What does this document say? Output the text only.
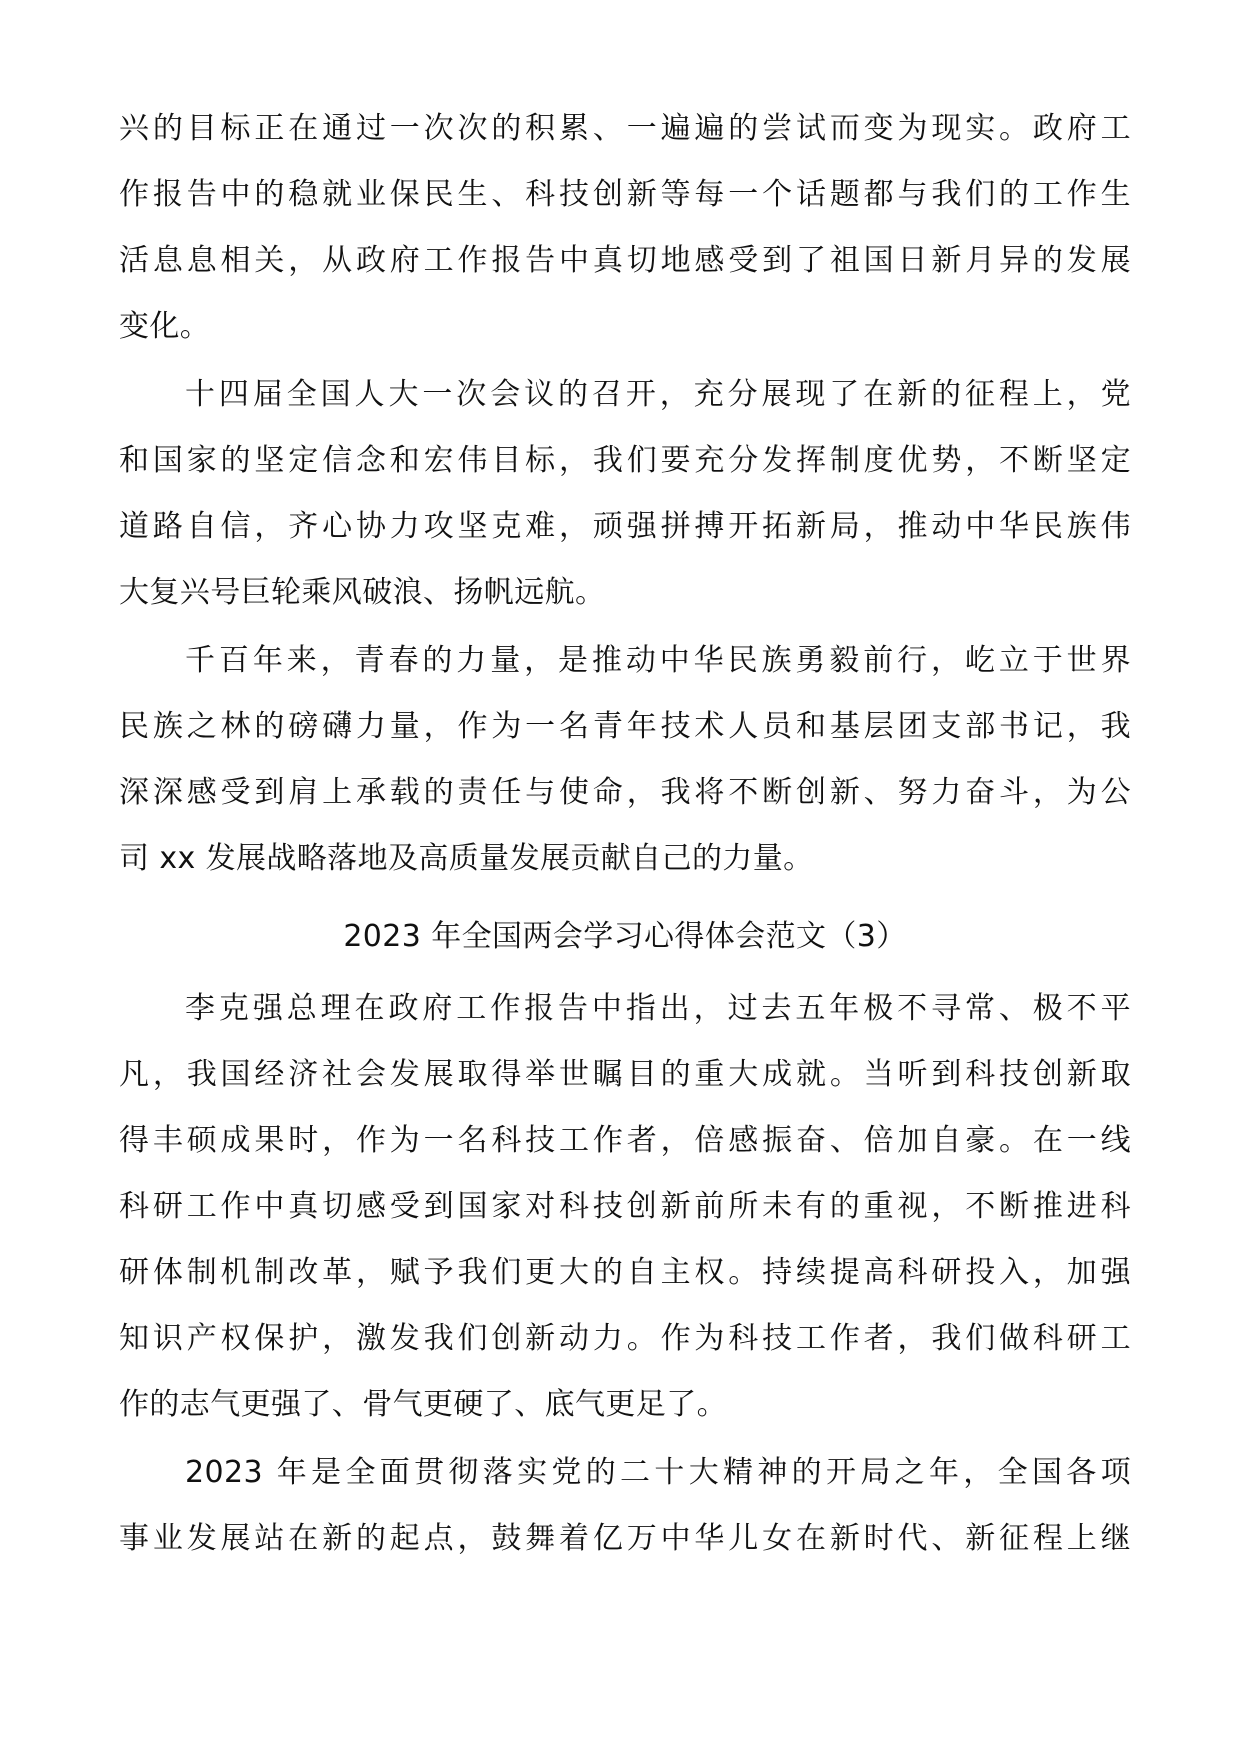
兴的目标正在通过一次次的积累、一遍遍的尝试而变为现实。政府工
作报告中的稳就业保民生、科技创新等每一个话题都与我们的工作生
活息息相关，从政府工作报告中真切地感受到了祖国日新月异的发展
变化。
十四届全国人大一次会议的召开，充分展现了在新的征程上，党
和国家的坚定信念和宏伟目标，我们要充分发挥制度优势，不断坚定
道路自信，齐心协力攻坚克难，顽强拼搏开拓新局，推动中华民族伟
大复兴号巨轮乘风破浪、扬帆远航。
千百年来，青春的力量，是推动中华民族勇毅前行，屹立于世界
民族之林的磅礴力量，作为一名青年技术人员和基层团支部书记，我
深深感受到肩上承载的责任与使命，我将不断创新、努力奋斗，为公
司 xx 发展战略落地及高质量发展贡献自己的力量。
2023 年全国两会学习心得体会范文（3）
李克强总理在政府工作报告中指出，过去五年极不寻常、极不平
凡，我国经济社会发展取得举世瞩目的重大成就。当听到科技创新取
得丰硕成果时，作为一名科技工作者，倍感振奋、倍加自豪。在一线
科研工作中真切感受到国家对科技创新前所未有的重视，不断推进科
研体制机制改革，赋予我们更大的自主权。持续提高科研投入，加强
知识产权保护，激发我们创新动力。作为科技工作者，我们做科研工
作的志气更强了、骨气更硬了、底气更足了。
2023 年是全面贯彻落实党的二十大精神的开局之年，全国各项
事业发展站在新的起点，鼓舞着亿万中华儿女在新时代、新征程上继
